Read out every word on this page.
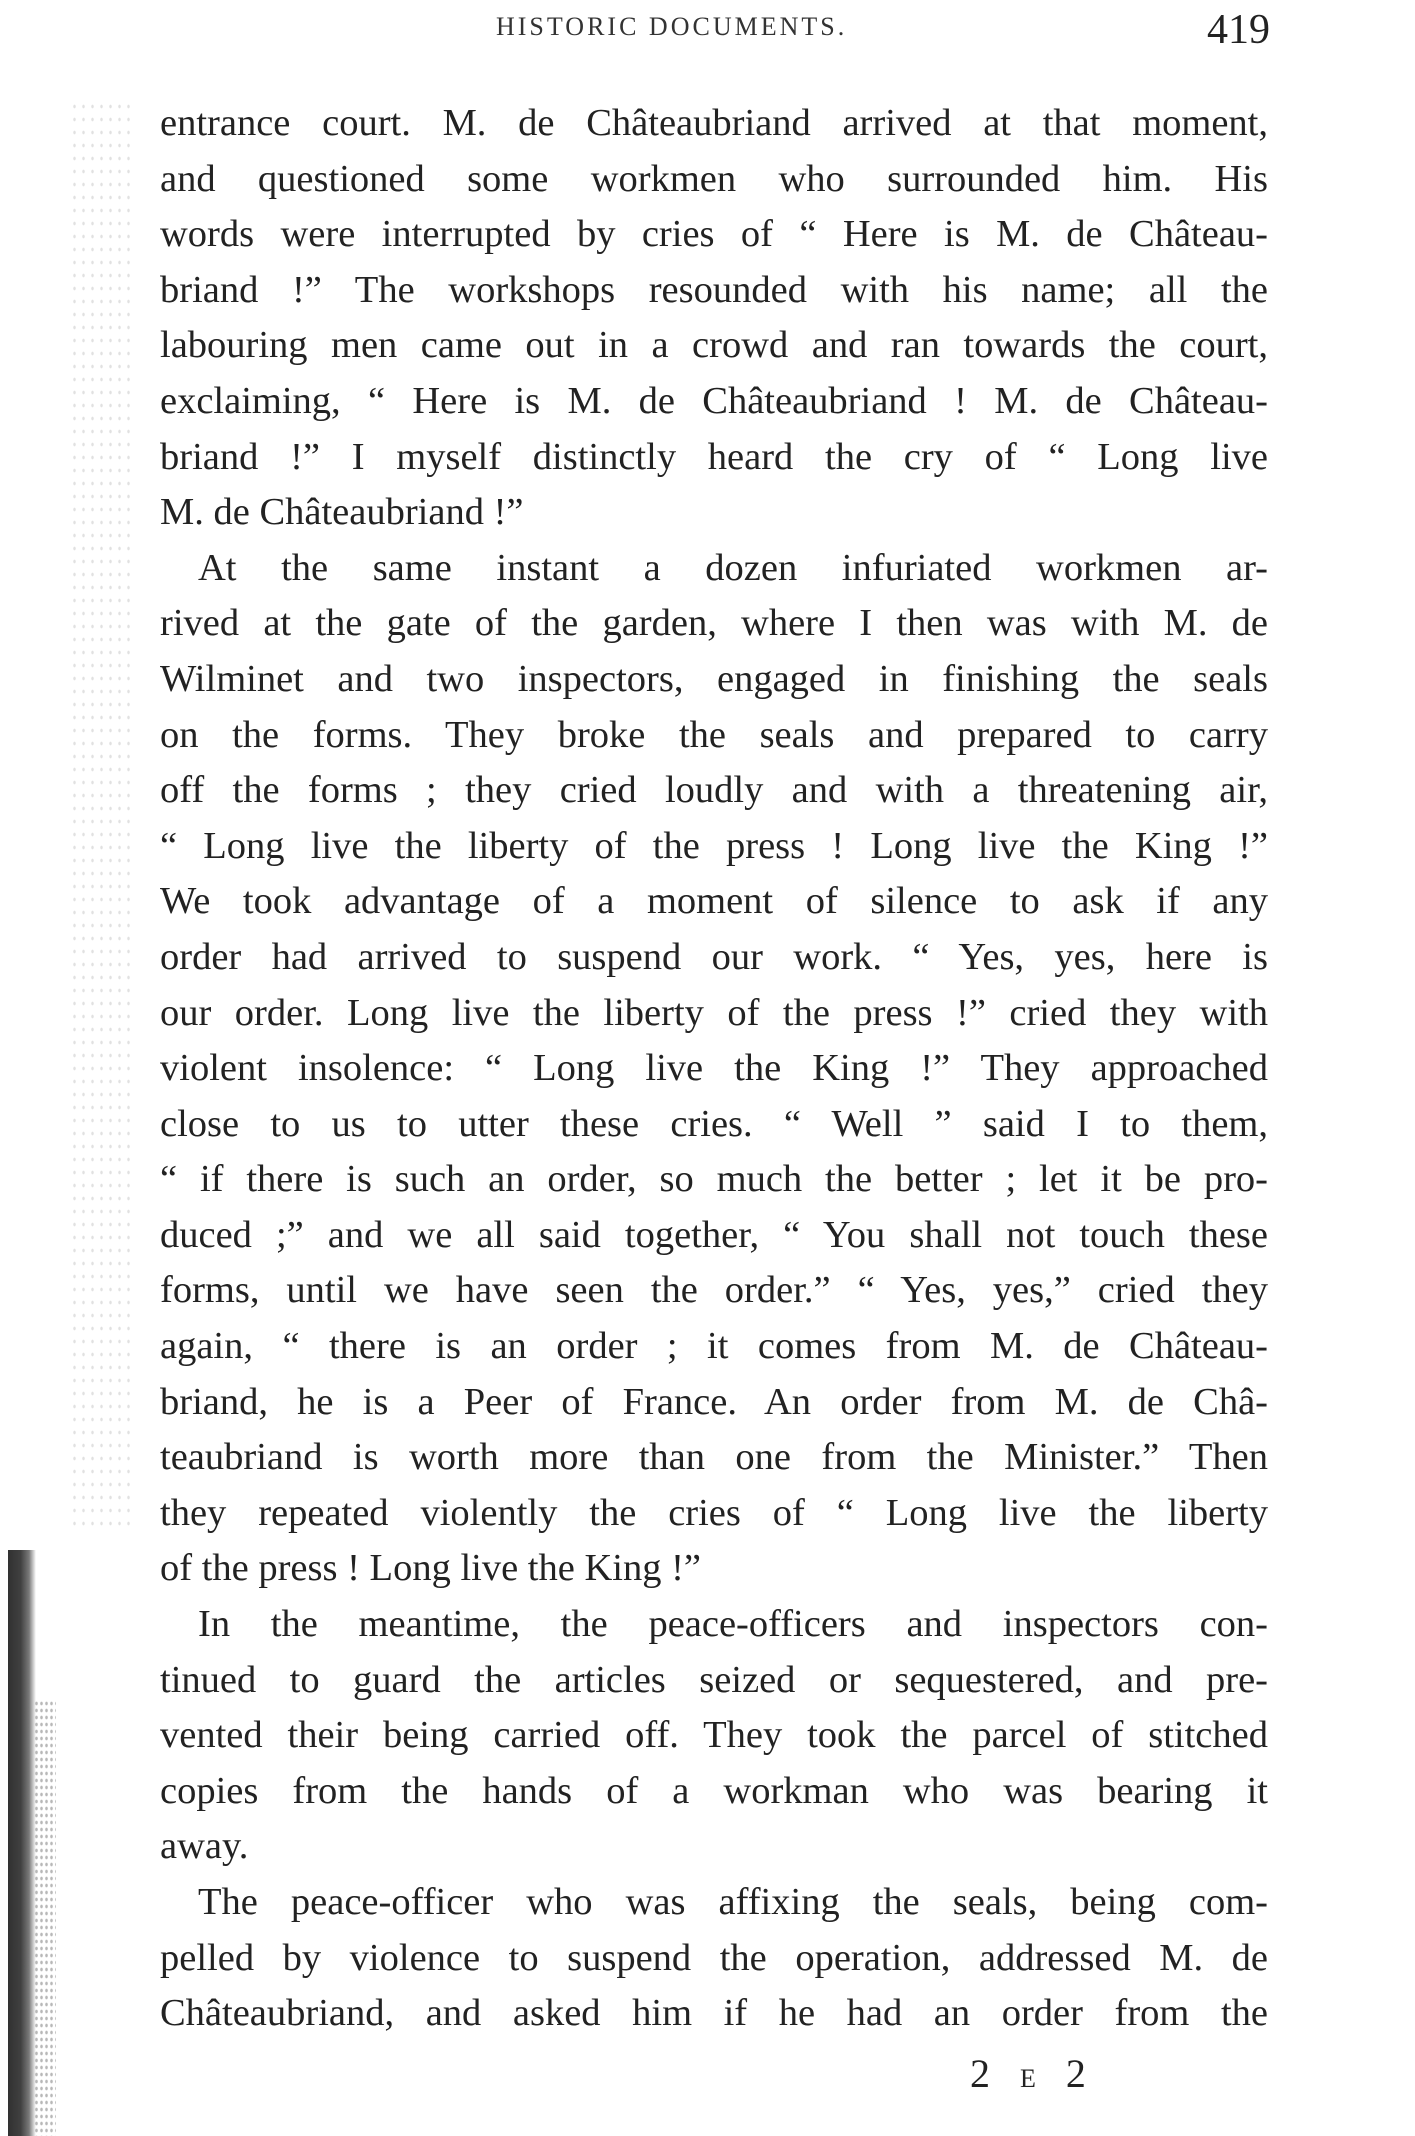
HISTORIC DOCUMENTS.	419
entrance court. M. de Châteaubriand arrived at that moment,
and questioned some workmen who surrounded him. His
words were interrupted by cries of “ Here is M. de Château-
briand !” The workshops resounded with his name; all the
labouring men came out in a crowd and ran towards the court,
exclaiming, “ Here is M. de Châteaubriand ! M. de Château-
briand !” I myself distinctly heard the cry of “ Long live
M. de Châteaubriand !”
At the same instant a dozen infuriated workmen ar-
rived at the gate of the garden, where I then was with M. de
Wilminet and two inspectors, engaged in finishing the seals
on the forms. They broke the seals and prepared to carry
off the forms ; they cried loudly and with a threatening air,
“ Long live the liberty of the press ! Long live the King !”
We took advantage of a moment of silence to ask if any
order had arrived to suspend our work. “ Yes, yes, here is
our order. Long live the liberty of the press !” cried they with
violent insolence: “ Long live the King !” They approached
close to us to utter these cries. “ Well ” said I to them,
“ if there is such an order, so much the better ; let it be pro-
duced ;” and we all said together, “ You shall not touch these
forms, until we have seen the order.” “ Yes, yes,” cried they
again, “ there is an order ; it comes from M. de Château-
briand, he is a Peer of France. An order from M. de Châ-
teaubriand is worth more than one from the Minister.” Then
they repeated violently the cries of “ Long live the liberty
of the press ! Long live the King !”
In the meantime, the peace-officers and inspectors con-
tinued to guard the articles seized or sequestered, and pre-
vented their being carried off. They took the parcel of stitched
copies from the hands of a workman who was bearing it
away.
The peace-officer who was affixing the seals, being com-
pelled by violence to suspend the operation, addressed M. de
Châteaubriand, and asked him if he had an order from the
2 E 2
